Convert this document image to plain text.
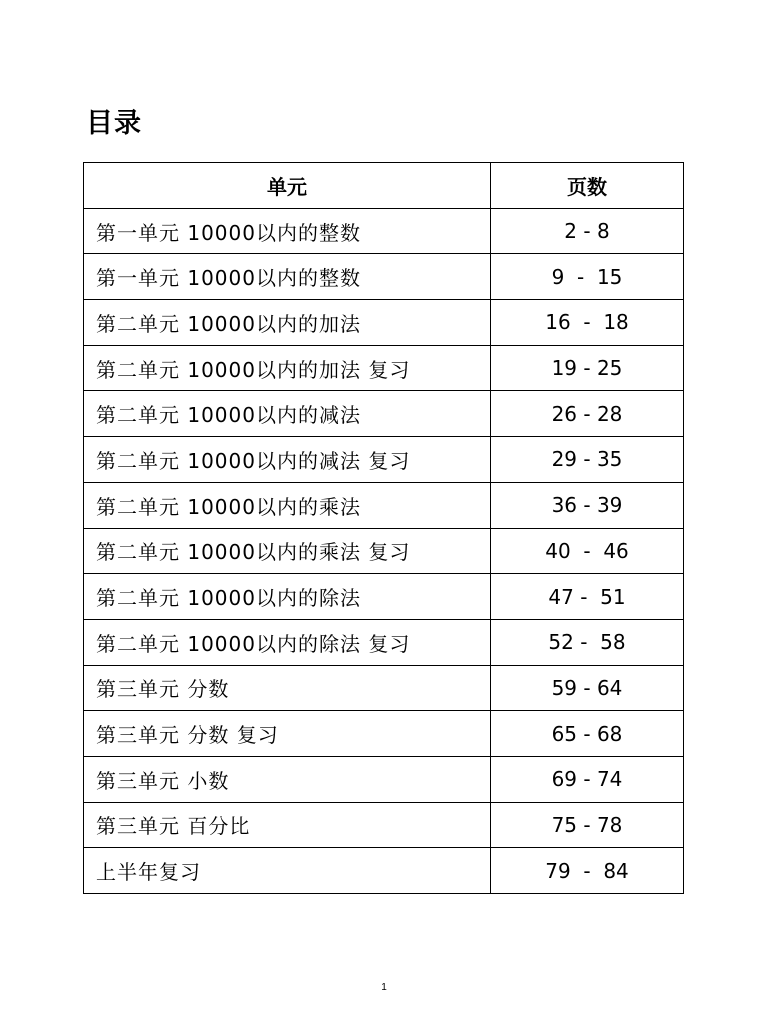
目录
单元	页数
第一单元 10000以内的整数	2 - 8
第一单元 10000以内的整数	9  -  15
第二单元 10000以内的加法	16  -  18
第二单元 10000以内的加法 复习	19 - 25
第二单元 10000以内的减法	26 - 28
第二单元 10000以内的减法 复习	29 - 35
第二单元 10000以内的乘法	36 - 39
第二单元 10000以内的乘法 复习	40  -  46
第二单元 10000以内的除法	47 -  51
第二单元 10000以内的除法 复习	52 -  58
第三单元 分数	59 - 64
第三单元 分数 复习	65 - 68
第三单元 小数	69 - 74
第三单元 百分比	75 - 78
上半年复习	79  -  84
1
